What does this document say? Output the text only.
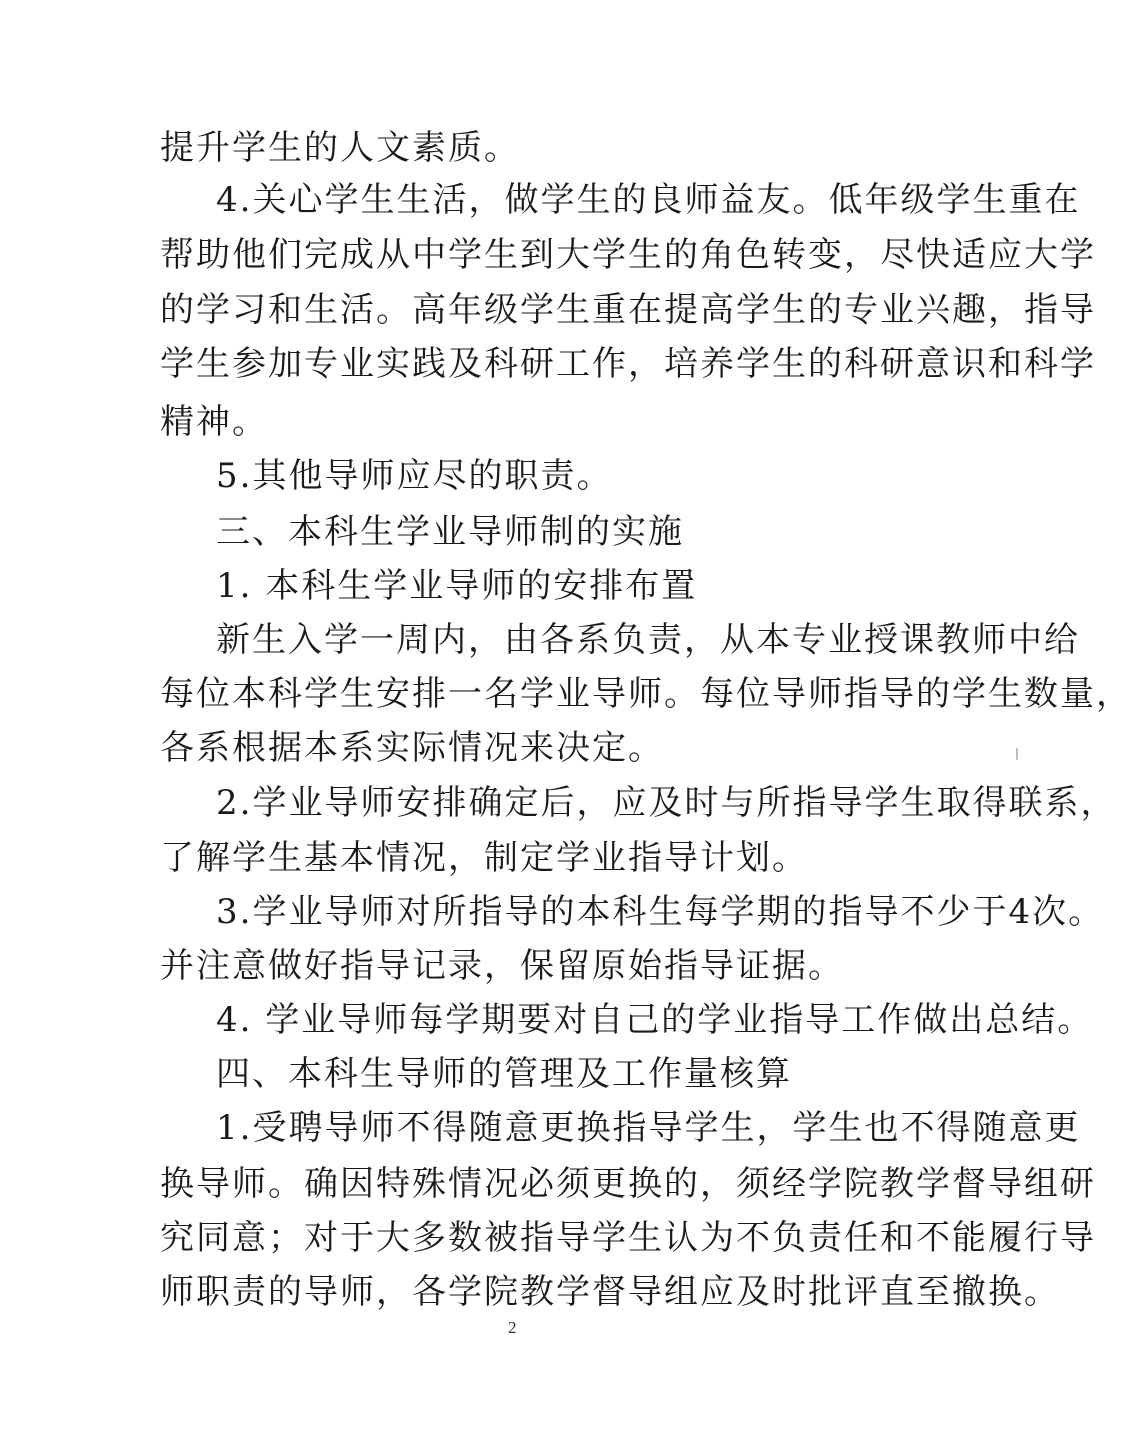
提升学生的人文素质。
4.关心学生生活，做学生的良师益友。低年级学生重在
帮助他们完成从中学生到大学生的角色转变，尽快适应大学
的学习和生活。高年级学生重在提高学生的专业兴趣，指导
学生参加专业实践及科研工作，培养学生的科研意识和科学
精神。
5.其他导师应尽的职责。
三、本科生学业导师制的实施
1. 本科生学业导师的安排布置
新生入学一周内，由各系负责，从本专业授课教师中给
每位本科学生安排一名学业导师。每位导师指导的学生数量，
各系根据本系实际情况来决定。
2.学业导师安排确定后，应及时与所指导学生取得联系，
了解学生基本情况，制定学业指导计划。
3.学业导师对所指导的本科生每学期的指导不少于4次。
并注意做好指导记录，保留原始指导证据。
4. 学业导师每学期要对自己的学业指导工作做出总结。
四、本科生导师的管理及工作量核算
1.受聘导师不得随意更换指导学生，学生也不得随意更
换导师。确因特殊情况必须更换的，须经学院教学督导组研
究同意；对于大多数被指导学生认为不负责任和不能履行导
师职责的导师，各学院教学督导组应及时批评直至撤换。
2
